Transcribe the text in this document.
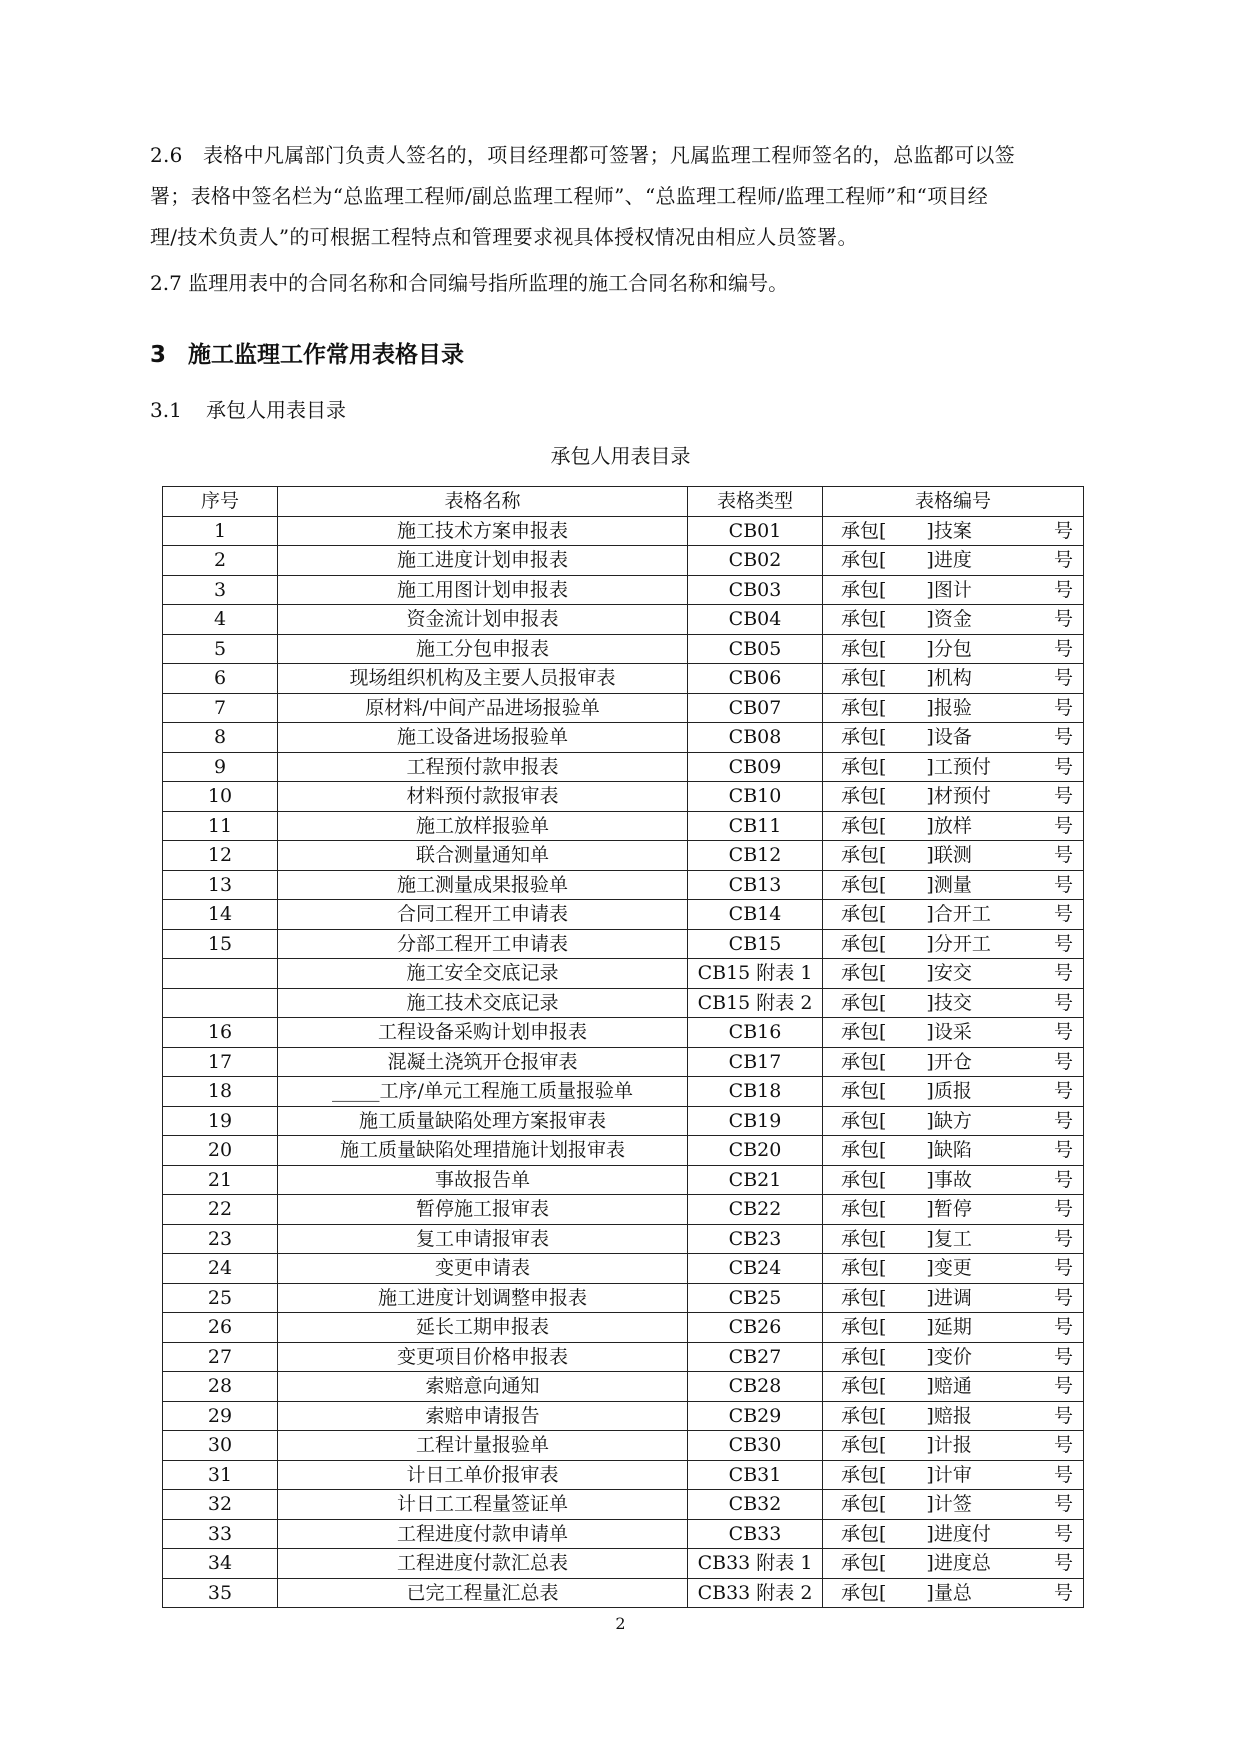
2.6　表格中凡属部门负责人签名的，项目经理都可签署；凡属监理工程师签名的，总监都可以签
署；表格中签名栏为“总监理工程师/副总监理工程师”、“总监理工程师/监理工程师”和“项目经
理/技术负责人”的可根据工程特点和管理要求视具体授权情况由相应人员签署。
2.7 监理用表中的合同名称和合同编号指所监理的施工合同名称和编号。
3 施工监理工作常用表格目录
3.1 承包人用表目录
承包人用表目录
序号	表格名称	表格类型	表格编号

1	施工技术方案申报表	CB01	承包[ ]技案 号

2	施工进度计划申报表	CB02	承包[ ]进度 号

3	施工用图计划申报表	CB03	承包[ ]图计 号

4	资金流计划申报表	CB04	承包[ ]资金 号

5	施工分包申报表	CB05	承包[ ]分包 号

6	现场组织机构及主要人员报审表	CB06	承包[ ]机构 号

7	原材料/中间产品进场报验单	CB07	承包[ ]报验 号

8	施工设备进场报验单	CB08	承包[ ]设备 号

9	工程预付款申报表	CB09	承包[ ]工预付 号

10	材料预付款报审表	CB10	承包[ ]材预付 号

11	施工放样报验单	CB11	承包[ ]放样 号

12	联合测量通知单	CB12	承包[ ]联测 号

13	施工测量成果报验单	CB13	承包[ ]测量 号

14	合同工程开工申请表	CB14	承包[ ]合开工 号

15	分部工程开工申请表	CB15	承包[ ]分开工 号

	施工安全交底记录	CB15 附表 1	承包[ ]安交 号

	施工技术交底记录	CB15 附表 2	承包[ ]技交 号

16	工程设备采购计划申报表	CB16	承包[ ]设采 号

17	混凝土浇筑开仓报审表	CB17	承包[ ]开仓 号

18	_____工序/单元工程施工质量报验单	CB18	承包[ ]质报 号

19	施工质量缺陷处理方案报审表	CB19	承包[ ]缺方 号

20	施工质量缺陷处理措施计划报审表	CB20	承包[ ]缺陷 号

21	事故报告单	CB21	承包[ ]事故 号

22	暂停施工报审表	CB22	承包[ ]暂停 号

23	复工申请报审表	CB23	承包[ ]复工 号

24	变更申请表	CB24	承包[ ]变更 号

25	施工进度计划调整申报表	CB25	承包[ ]进调 号

26	延长工期申报表	CB26	承包[ ]延期 号

27	变更项目价格申报表	CB27	承包[ ]变价 号

28	索赔意向通知	CB28	承包[ ]赔通 号

29	索赔申请报告	CB29	承包[ ]赔报 号

30	工程计量报验单	CB30	承包[ ]计报 号

31	计日工单价报审表	CB31	承包[ ]计审 号

32	计日工工程量签证单	CB32	承包[ ]计签 号

33	工程进度付款申请单	CB33	承包[ ]进度付 号

34	工程进度付款汇总表	CB33 附表 1	承包[ ]进度总 号

35	已完工程量汇总表	CB33 附表 2	承包[ ]量总 号
2
